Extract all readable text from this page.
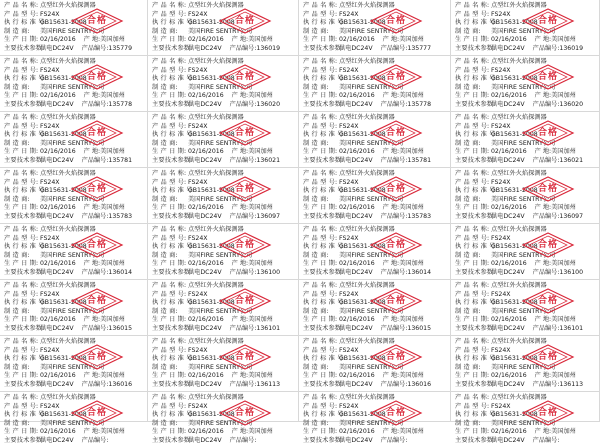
产 品 名 称: 点型红外火焰探测器
产 品 型 号: FS24X
执 行 标 准 号:GB15631-2008
制 造 商: 美国FIRE SENTRY公司
生 产 日 期: 02/16/2016 产 地:美国加州
主要技术参数:供电DC24V 产品编号:135779
合格
产 品 名 称: 点型红外火焰探测器
产 品 型 号: FS24X
执 行 标 准 号:GB15631-2008
制 造 商: 美国FIRE SENTRY公司
生 产 日 期: 02/16/2016 产 地:美国加州
主要技术参数:供电DC24V 产品编号:136019
合格
产 品 名 称: 点型红外火焰探测器
产 品 型 号: FS24X
执 行 标 准 号:GB15631-2008
制 造 商: 美国FIRE SENTRY公司
生 产 日 期: 02/16/2016 产 地:美国加州
主要技术参数:供电DC24V 产品编号:135777
合格
产 品 名 称: 点型红外火焰探测器
产 品 型 号: FS24X
执 行 标 准 号:GB15631-2008
制 造 商: 美国FIRE SENTRY公司
生 产 日 期: 02/16/2016 产 地:美国加州
主要技术参数:供电DC24V 产品编号:136019
合格
产 品 名 称: 点型红外火焰探测器
产 品 型 号: FS24X
执 行 标 准 号:GB15631-2008
制 造 商: 美国FIRE SENTRY公司
生 产 日 期: 02/16/2016 产 地:美国加州
主要技术参数:供电DC24V 产品编号:135778
合格
产 品 名 称: 点型红外火焰探测器
产 品 型 号: FS24X
执 行 标 准 号:GB15631-2008
制 造 商: 美国FIRE SENTRY公司
生 产 日 期: 02/16/2016 产 地:美国加州
主要技术参数:供电DC24V 产品编号:136020
合格
产 品 名 称: 点型红外火焰探测器
产 品 型 号: FS24X
执 行 标 准 号:GB15631-2008
制 造 商: 美国FIRE SENTRY公司
生 产 日 期: 02/16/2016 产 地:美国加州
主要技术参数:供电DC24V 产品编号:135778
合格
产 品 名 称: 点型红外火焰探测器
产 品 型 号: FS24X
执 行 标 准 号:GB15631-2008
制 造 商: 美国FIRE SENTRY公司
生 产 日 期: 02/16/2016 产 地:美国加州
主要技术参数:供电DC24V 产品编号:136020
合格
产 品 名 称: 点型红外火焰探测器
产 品 型 号: FS24X
执 行 标 准 号:GB15631-2008
制 造 商: 美国FIRE SENTRY公司
生 产 日 期: 02/16/2016 产 地:美国加州
主要技术参数:供电DC24V 产品编号:135781
合格
产 品 名 称: 点型红外火焰探测器
产 品 型 号: FS24X
执 行 标 准 号:GB15631-2008
制 造 商: 美国FIRE SENTRY公司
生 产 日 期: 02/16/2016 产 地:美国加州
主要技术参数:供电DC24V 产品编号:136021
合格
产 品 名 称: 点型红外火焰探测器
产 品 型 号: FS24X
执 行 标 准 号:GB15631-2008
制 造 商: 美国FIRE SENTRY公司
生 产 日 期: 02/16/2016 产 地:美国加州
主要技术参数:供电DC24V 产品编号:135781
合格
产 品 名 称: 点型红外火焰探测器
产 品 型 号: FS24X
执 行 标 准 号:GB15631-2008
制 造 商: 美国FIRE SENTRY公司
生 产 日 期: 02/16/2016 产 地:美国加州
主要技术参数:供电DC24V 产品编号:136021
合格
产 品 名 称: 点型红外火焰探测器
产 品 型 号: FS24X
执 行 标 准 号:GB15631-2008
制 造 商: 美国FIRE SENTRY公司
生 产 日 期: 02/16/2016 产 地:美国加州
主要技术参数:供电DC24V 产品编号:135783
合格
产 品 名 称: 点型红外火焰探测器
产 品 型 号: FS24X
执 行 标 准 号:GB15631-2008
制 造 商: 美国FIRE SENTRY公司
生 产 日 期: 02/16/2016 产 地:美国加州
主要技术参数:供电DC24V 产品编号:136097
合格
产 品 名 称: 点型红外火焰探测器
产 品 型 号: FS24X
执 行 标 准 号:GB15631-2008
制 造 商: 美国FIRE SENTRY公司
生 产 日 期: 02/16/2016 产 地:美国加州
主要技术参数:供电DC24V 产品编号:135783
合格
产 品 名 称: 点型红外火焰探测器
产 品 型 号: FS24X
执 行 标 准 号:GB15631-2008
制 造 商: 美国FIRE SENTRY公司
生 产 日 期: 02/16/2016 产 地:美国加州
主要技术参数:供电DC24V 产品编号:136097
合格
产 品 名 称: 点型红外火焰探测器
产 品 型 号: FS24X
执 行 标 准 号:GB15631-2008
制 造 商: 美国FIRE SENTRY公司
生 产 日 期: 02/16/2016 产 地:美国加州
主要技术参数:供电DC24V 产品编号:136014
合格
产 品 名 称: 点型红外火焰探测器
产 品 型 号: FS24X
执 行 标 准 号:GB15631-2008
制 造 商: 美国FIRE SENTRY公司
生 产 日 期: 02/16/2016 产 地:美国加州
主要技术参数:供电DC24V 产品编号:136100
合格
产 品 名 称: 点型红外火焰探测器
产 品 型 号: FS24X
执 行 标 准 号:GB15631-2008
制 造 商: 美国FIRE SENTRY公司
生 产 日 期: 02/16/2016 产 地:美国加州
主要技术参数:供电DC24V 产品编号:136014
合格
产 品 名 称: 点型红外火焰探测器
产 品 型 号: FS24X
执 行 标 准 号:GB15631-2008
制 造 商: 美国FIRE SENTRY公司
生 产 日 期: 02/16/2016 产 地:美国加州
主要技术参数:供电DC24V 产品编号:136100
合格
产 品 名 称: 点型红外火焰探测器
产 品 型 号: FS24X
执 行 标 准 号:GB15631-2008
制 造 商: 美国FIRE SENTRY公司
生 产 日 期: 02/16/2016 产 地:美国加州
主要技术参数:供电DC24V 产品编号:136015
合格
产 品 名 称: 点型红外火焰探测器
产 品 型 号: FS24X
执 行 标 准 号:GB15631-2008
制 造 商: 美国FIRE SENTRY公司
生 产 日 期: 02/16/2016 产 地:美国加州
主要技术参数:供电DC24V 产品编号:136101
合格
产 品 名 称: 点型红外火焰探测器
产 品 型 号: FS24X
执 行 标 准 号:GB15631-2008
制 造 商: 美国FIRE SENTRY公司
生 产 日 期: 02/16/2016 产 地:美国加州
主要技术参数:供电DC24V 产品编号:136015
合格
产 品 名 称: 点型红外火焰探测器
产 品 型 号: FS24X
执 行 标 准 号:GB15631-2008
制 造 商: 美国FIRE SENTRY公司
生 产 日 期: 02/16/2016 产 地:美国加州
主要技术参数:供电DC24V 产品编号:136101
合格
产 品 名 称: 点型红外火焰探测器
产 品 型 号: FS24X
执 行 标 准 号:GB15631-2008
制 造 商: 美国FIRE SENTRY公司
生 产 日 期: 02/16/2016 产 地:美国加州
主要技术参数:供电DC24V 产品编号:136016
合格
产 品 名 称: 点型红外火焰探测器
产 品 型 号: FS24X
执 行 标 准 号:GB15631-2008
制 造 商: 美国FIRE SENTRY公司
生 产 日 期: 02/16/2016 产 地:美国加州
主要技术参数:供电DC24V 产品编号:136113
合格
产 品 名 称: 点型红外火焰探测器
产 品 型 号: FS24X
执 行 标 准 号:GB15631-2008
制 造 商: 美国FIRE SENTRY公司
生 产 日 期: 02/16/2016 产 地:美国加州
主要技术参数:供电DC24V 产品编号:136016
合格
产 品 名 称: 点型红外火焰探测器
产 品 型 号: FS24X
执 行 标 准 号:GB15631-2008
制 造 商: 美国FIRE SENTRY公司
生 产 日 期: 02/16/2016 产 地:美国加州
主要技术参数:供电DC24V 产品编号:136113
合格
产 品 名 称: 点型红外火焰探测器
产 品 型 号: FS24X
执 行 标 准 号:GB15631-2008
制 造 商: 美国FIRE SENTRY公司
生 产 日 期: 02/16/2016 产 地:美国加州
主要技术参数:供电DC24V 产品编号:
合格
产 品 名 称: 点型红外火焰探测器
产 品 型 号: FS24X
执 行 标 准 号:GB15631-2008
制 造 商: 美国FIRE SENTRY公司
生 产 日 期: 02/16/2016 产 地:美国加州
主要技术参数:供电DC24V 产品编号:
合格
产 品 名 称: 点型红外火焰探测器
产 品 型 号: FS24X
执 行 标 准 号:GB15631-2008
制 造 商: 美国FIRE SENTRY公司
生 产 日 期: 02/16/2016 产 地:美国加州
主要技术参数:供电DC24V 产品编号:
合格
产 品 名 称: 点型红外火焰探测器
产 品 型 号: FS24X
执 行 标 准 号:GB15631-2008
制 造 商: 美国FIRE SENTRY公司
生 产 日 期: 02/16/2016 产 地:美国加州
主要技术参数:供电DC24V 产品编号:
合格
